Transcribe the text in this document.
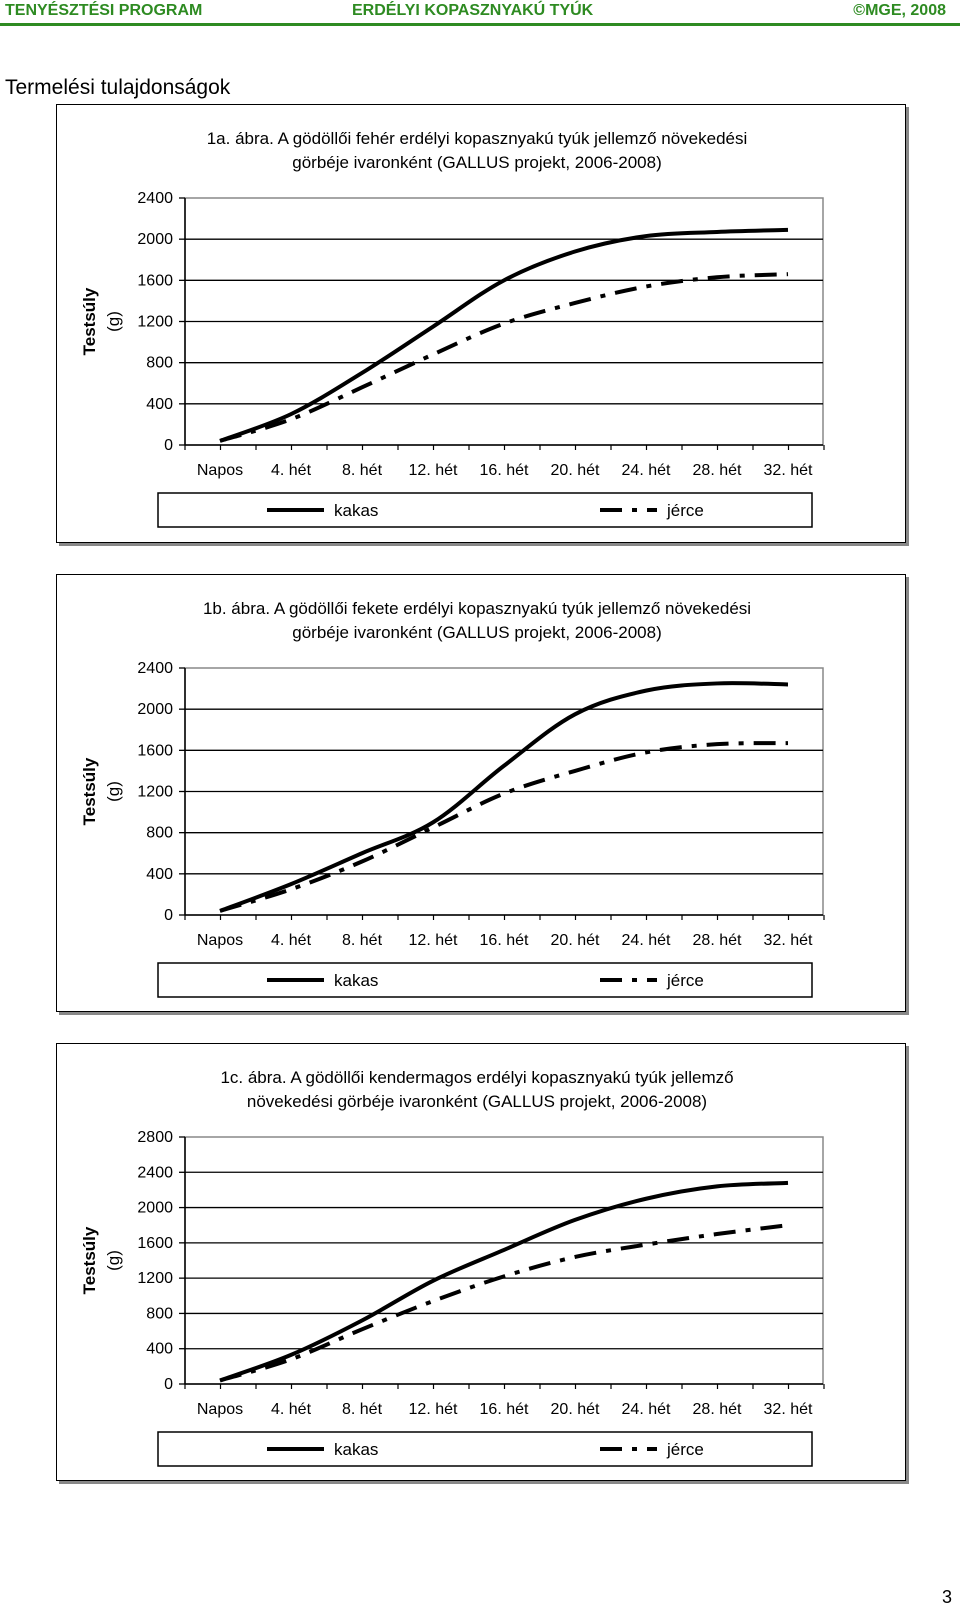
TENYÉSZTÉSI PROGRAM	ERDÉLYI KOPASZNYAKÚ TYÚK	©MGE, 2008
Termelési tulajdonságok
1a. ábra. A gödöllői fehér erdélyi kopasznyakú tyúk jellemző növekedési
görbéje ivaronként (GALLUS projekt, 2006-2008)
Testsúly (g)
0
400
800
1200
1600
2000
2400
Napos 4. hét 8. hét 12. hét 16. hét 20. hét 24. hét 28. hét 32. hét
kakas	jérce
1b. ábra. A gödöllői fekete erdélyi kopasznyakú tyúk jellemző növekedési
görbéje ivaronként (GALLUS projekt, 2006-2008)
Testsúly (g)
0
400
800
1200
1600
2000
2400
Napos 4. hét 8. hét 12. hét 16. hét 20. hét 24. hét 28. hét 32. hét
kakas	jérce
1c. ábra. A gödöllői kendermagos erdélyi kopasznyakú tyúk jellemző
növekedési görbéje ivaronként (GALLUS projekt, 2006-2008)
Testsúly (g)
0
400
800
1200
1600
2000
2400
2800
Napos 4. hét 8. hét 12. hét 16. hét 20. hét 24. hét 28. hét 32. hét
kakas	jérce
3
